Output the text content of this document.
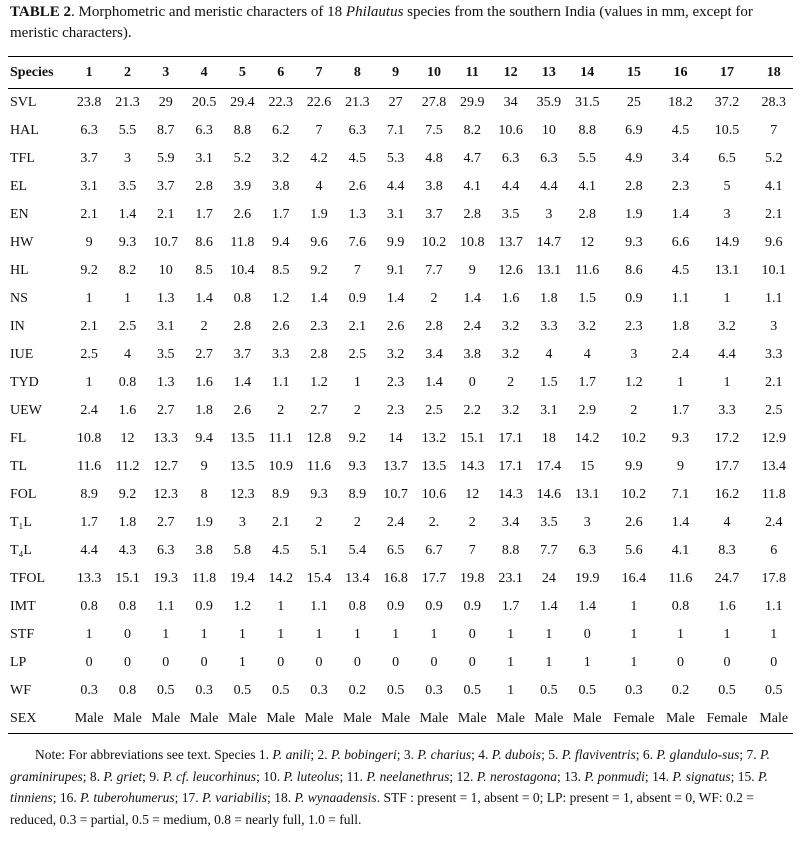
TABLE 2. Morphometric and meristic characters of 18 Philautus species from the southern India (values in mm, except for meristic characters).

Species	1	2	3	4	5	6	7	8	9	10	11	12	13	14	15	16	17	18
SVL	23.8	21.3	29	20.5	29.4	22.3	22.6	21.3	27	27.8	29.9	34	35.9	31.5	25	18.2	37.2	28.3
HAL	6.3	5.5	8.7	6.3	8.8	6.2	7	6.3	7.1	7.5	8.2	10.6	10	8.8	6.9	4.5	10.5	7
TFL	3.7	3	5.9	3.1	5.2	3.2	4.2	4.5	5.3	4.8	4.7	6.3	6.3	5.5	4.9	3.4	6.5	5.2
EL	3.1	3.5	3.7	2.8	3.9	3.8	4	2.6	4.4	3.8	4.1	4.4	4.4	4.1	2.8	2.3	5	4.1
EN	2.1	1.4	2.1	1.7	2.6	1.7	1.9	1.3	3.1	3.7	2.8	3.5	3	2.8	1.9	1.4	3	2.1
HW	9	9.3	10.7	8.6	11.8	9.4	9.6	7.6	9.9	10.2	10.8	13.7	14.7	12	9.3	6.6	14.9	9.6
HL	9.2	8.2	10	8.5	10.4	8.5	9.2	7	9.1	7.7	9	12.6	13.1	11.6	8.6	4.5	13.1	10.1
NS	1	1	1.3	1.4	0.8	1.2	1.4	0.9	1.4	2	1.4	1.6	1.8	1.5	0.9	1.1	1	1.1
IN	2.1	2.5	3.1	2	2.8	2.6	2.3	2.1	2.6	2.8	2.4	3.2	3.3	3.2	2.3	1.8	3.2	3
IUE	2.5	4	3.5	2.7	3.7	3.3	2.8	2.5	3.2	3.4	3.8	3.2	4	4	3	2.4	4.4	3.3
TYD	1	0.8	1.3	1.6	1.4	1.1	1.2	1	2.3	1.4	0	2	1.5	1.7	1.2	1	1	2.1
UEW	2.4	1.6	2.7	1.8	2.6	2	2.7	2	2.3	2.5	2.2	3.2	3.1	2.9	2	1.7	3.3	2.5
FL	10.8	12	13.3	9.4	13.5	11.1	12.8	9.2	14	13.2	15.1	17.1	18	14.2	10.2	9.3	17.2	12.9
TL	11.6	11.2	12.7	9	13.5	10.9	11.6	9.3	13.7	13.5	14.3	17.1	17.4	15	9.9	9	17.7	13.4
FOL	8.9	9.2	12.3	8	12.3	8.9	9.3	8.9	10.7	10.6	12	14.3	14.6	13.1	10.2	7.1	16.2	11.8
T₁L	1.7	1.8	2.7	1.9	3	2.1	2	2	2.4	2.	2	3.4	3.5	3	2.6	1.4	4	2.4
T₄L	4.4	4.3	6.3	3.8	5.8	4.5	5.1	5.4	6.5	6.7	7	8.8	7.7	6.3	5.6	4.1	8.3	6
TFOL	13.3	15.1	19.3	11.8	19.4	14.2	15.4	13.4	16.8	17.7	19.8	23.1	24	19.9	16.4	11.6	24.7	17.8
IMT	0.8	0.8	1.1	0.9	1.2	1	1.1	0.8	0.9	0.9	0.9	1.7	1.4	1.4	1	0.8	1.6	1.1
STF	1	0	1	1	1	1	1	1	1	1	0	1	1	0	1	1	1	1
LP	0	0	0	0	1	0	0	0	0	0	0	1	1	1	1	0	0	0
WF	0.3	0.8	0.5	0.3	0.5	0.5	0.3	0.2	0.5	0.3	0.5	1	0.5	0.5	0.3	0.2	0.5	0.5
SEX	Male	Male	Male	Male	Male	Male	Male	Male	Male	Male	Male	Male	Male	Male	Female	Male	Female	Male

Note: For abbreviations see text. Species 1. P. anili; 2. P. bobingeri; 3. P. charius; 4. P. dubois; 5. P. flaviventris; 6. P. glandulo-sus; 7. P. graminirupes; 8. P. griet; 9. P. cf. leucorhinus; 10. P. luteolus; 11. P. neelanethrus; 12. P. nerostagona; 13. P. ponmudi; 14. P. signatus; 15. P. tinniens; 16. P. tuberohumerus; 17. P. variabilis; 18. P. wynaadensis. STF : present = 1, absent = 0; LP: present = 1, absent = 0, WF: 0.2 = reduced, 0.3 = partial, 0.5 = medium, 0.8 = nearly full, 1.0 = full.
